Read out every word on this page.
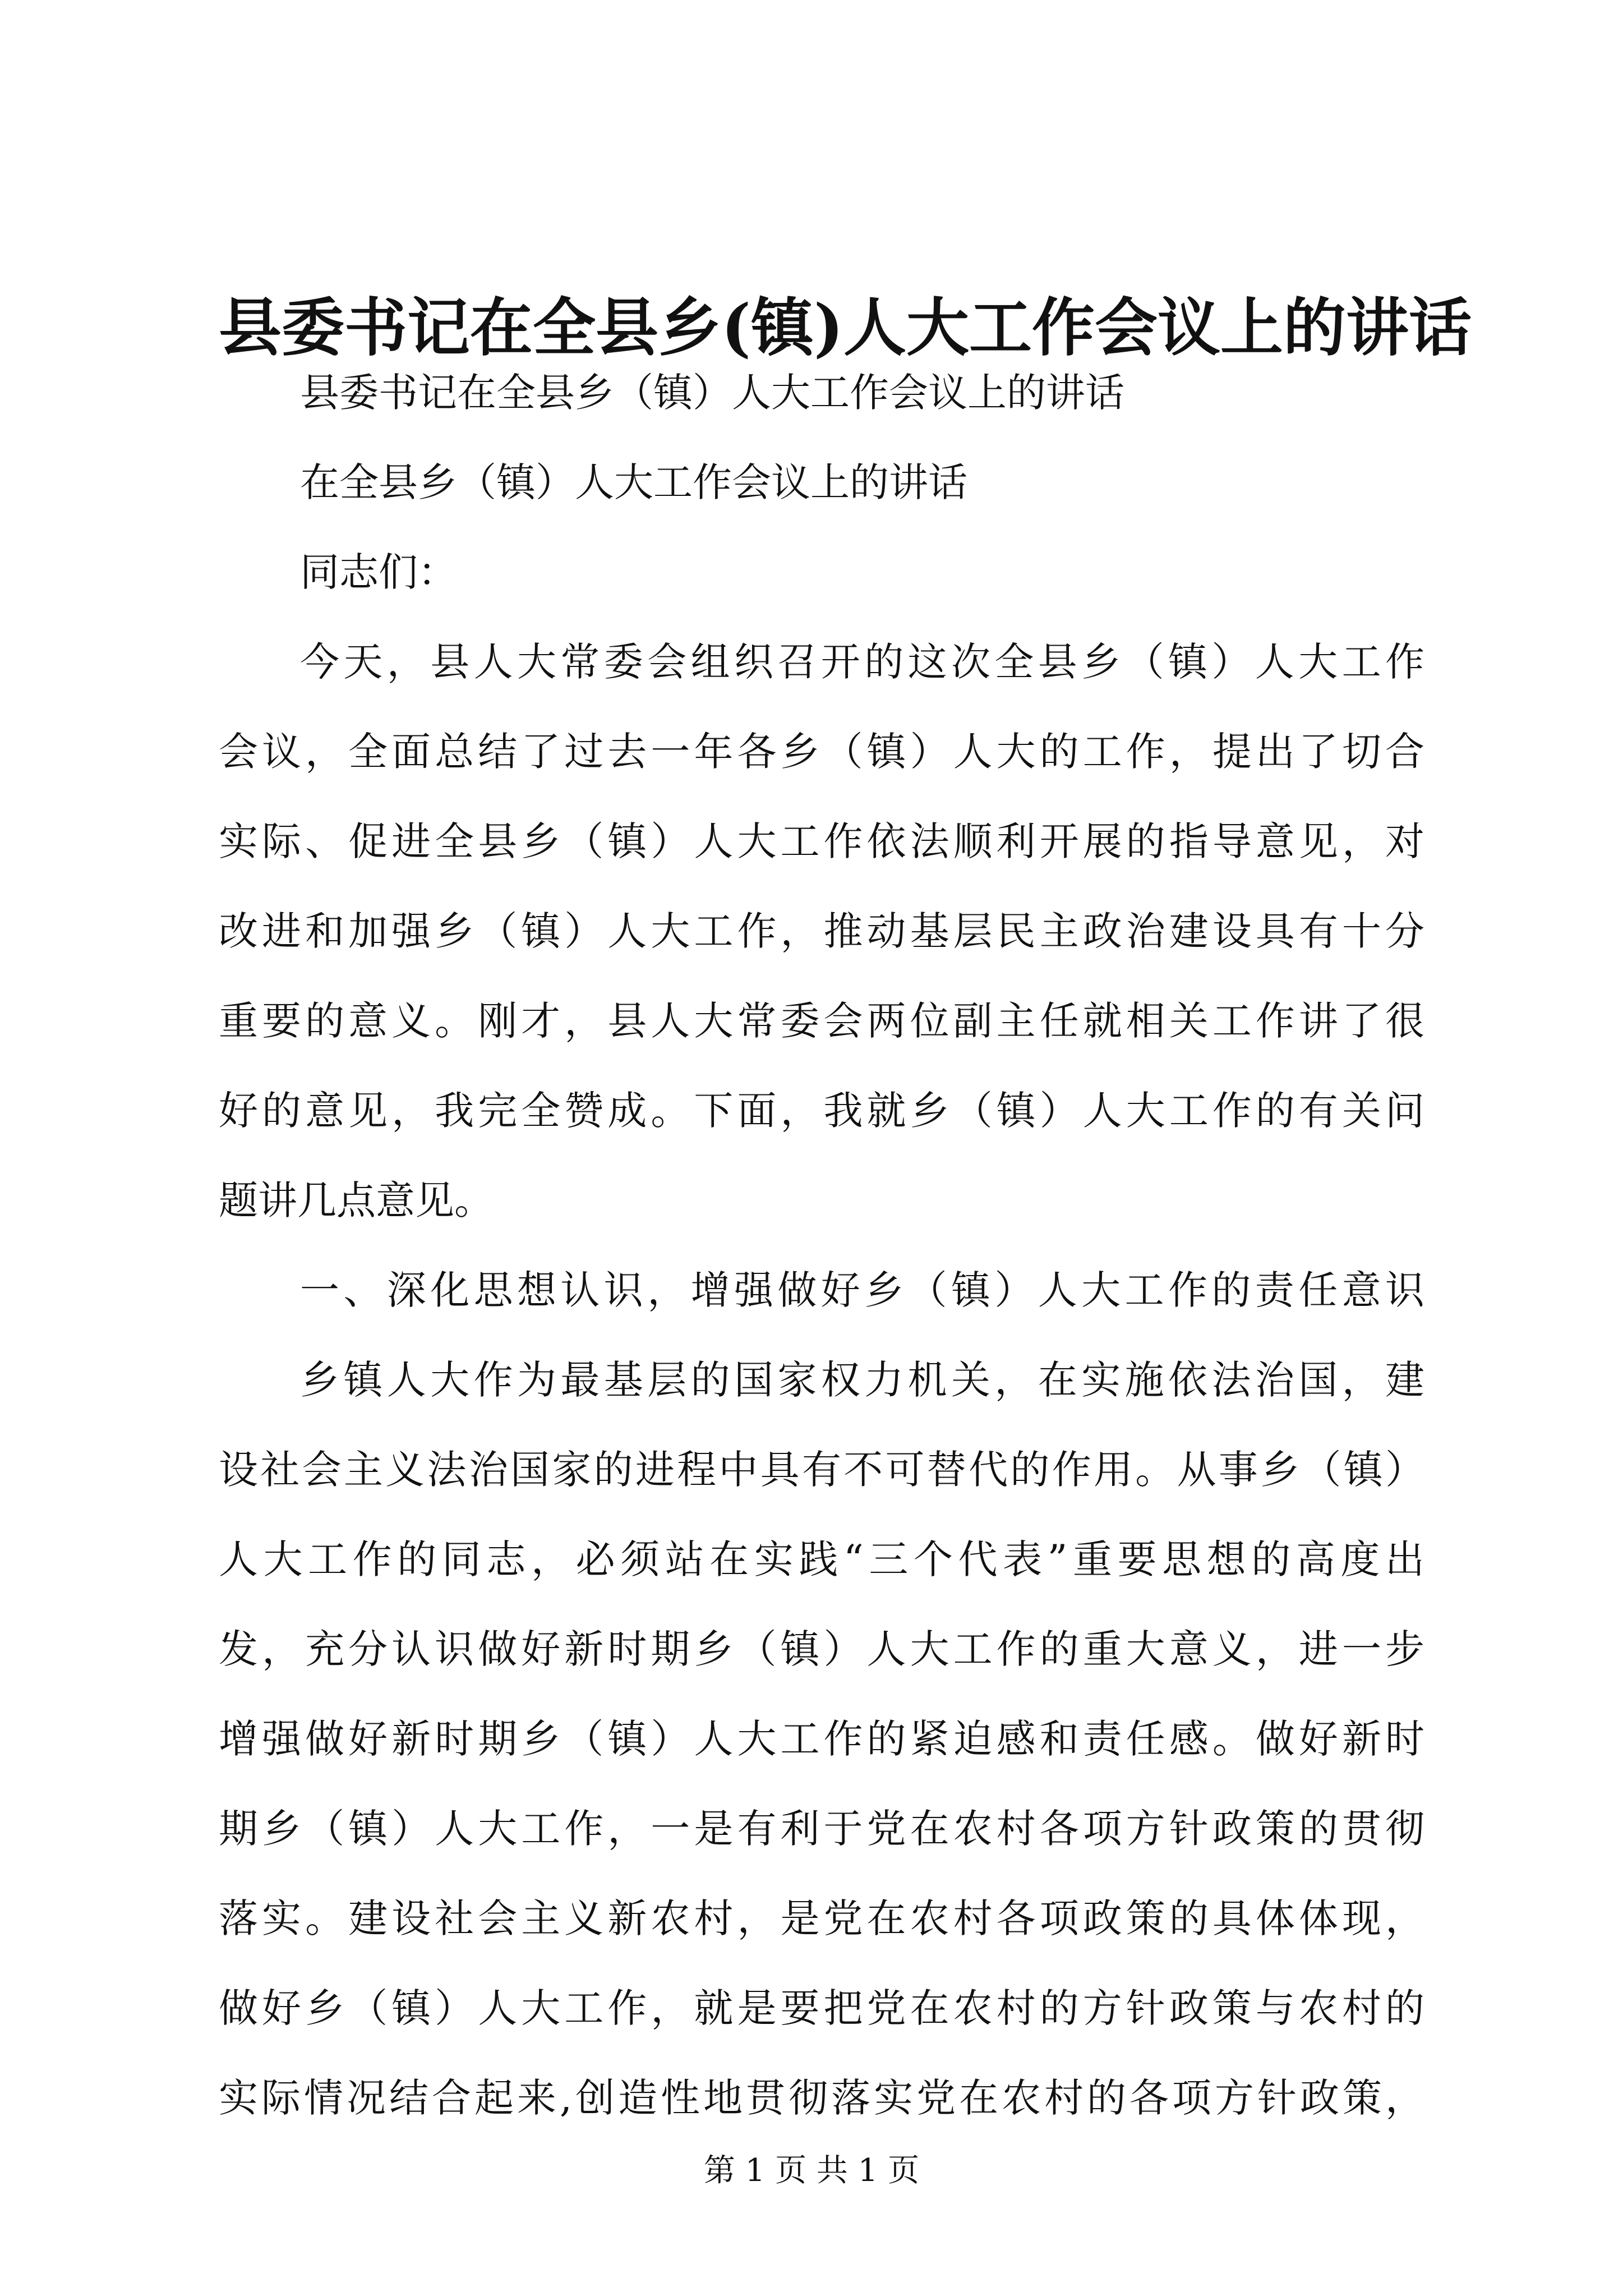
县委书记在全县乡(镇)人大工作会议上的讲话
县委书记在全县乡（镇）人大工作会议上的讲话
在全县乡（镇）人大工作会议上的讲话
同志们：
今天，县人大常委会组织召开的这次全县乡（镇）人大工作
会议，全面总结了过去一年各乡（镇）人大的工作，提出了切合
实际、促进全县乡（镇）人大工作依法顺利开展的指导意见，对
改进和加强乡（镇）人大工作，推动基层民主政治建设具有十分
重要的意义。刚才，县人大常委会两位副主任就相关工作讲了很
好的意见，我完全赞成。下面，我就乡（镇）人大工作的有关问
题讲几点意见。
一、深化思想认识，增强做好乡（镇）人大工作的责任意识
乡镇人大作为最基层的国家权力机关，在实施依法治国，建
设社会主义法治国家的进程中具有不可替代的作用。从事乡（镇）
人大工作的同志，必须站在实践“三个代表”重要思想的高度出
发，充分认识做好新时期乡（镇）人大工作的重大意义，进一步
增强做好新时期乡（镇）人大工作的紧迫感和责任感。做好新时
期乡（镇）人大工作，一是有利于党在农村各项方针政策的贯彻
落实。建设社会主义新农村，是党在农村各项政策的具体体现，
做好乡（镇）人大工作，就是要把党在农村的方针政策与农村的
实际情况结合起来,创造性地贯彻落实党在农村的各项方针政策，
第 1 页 共 1 页
